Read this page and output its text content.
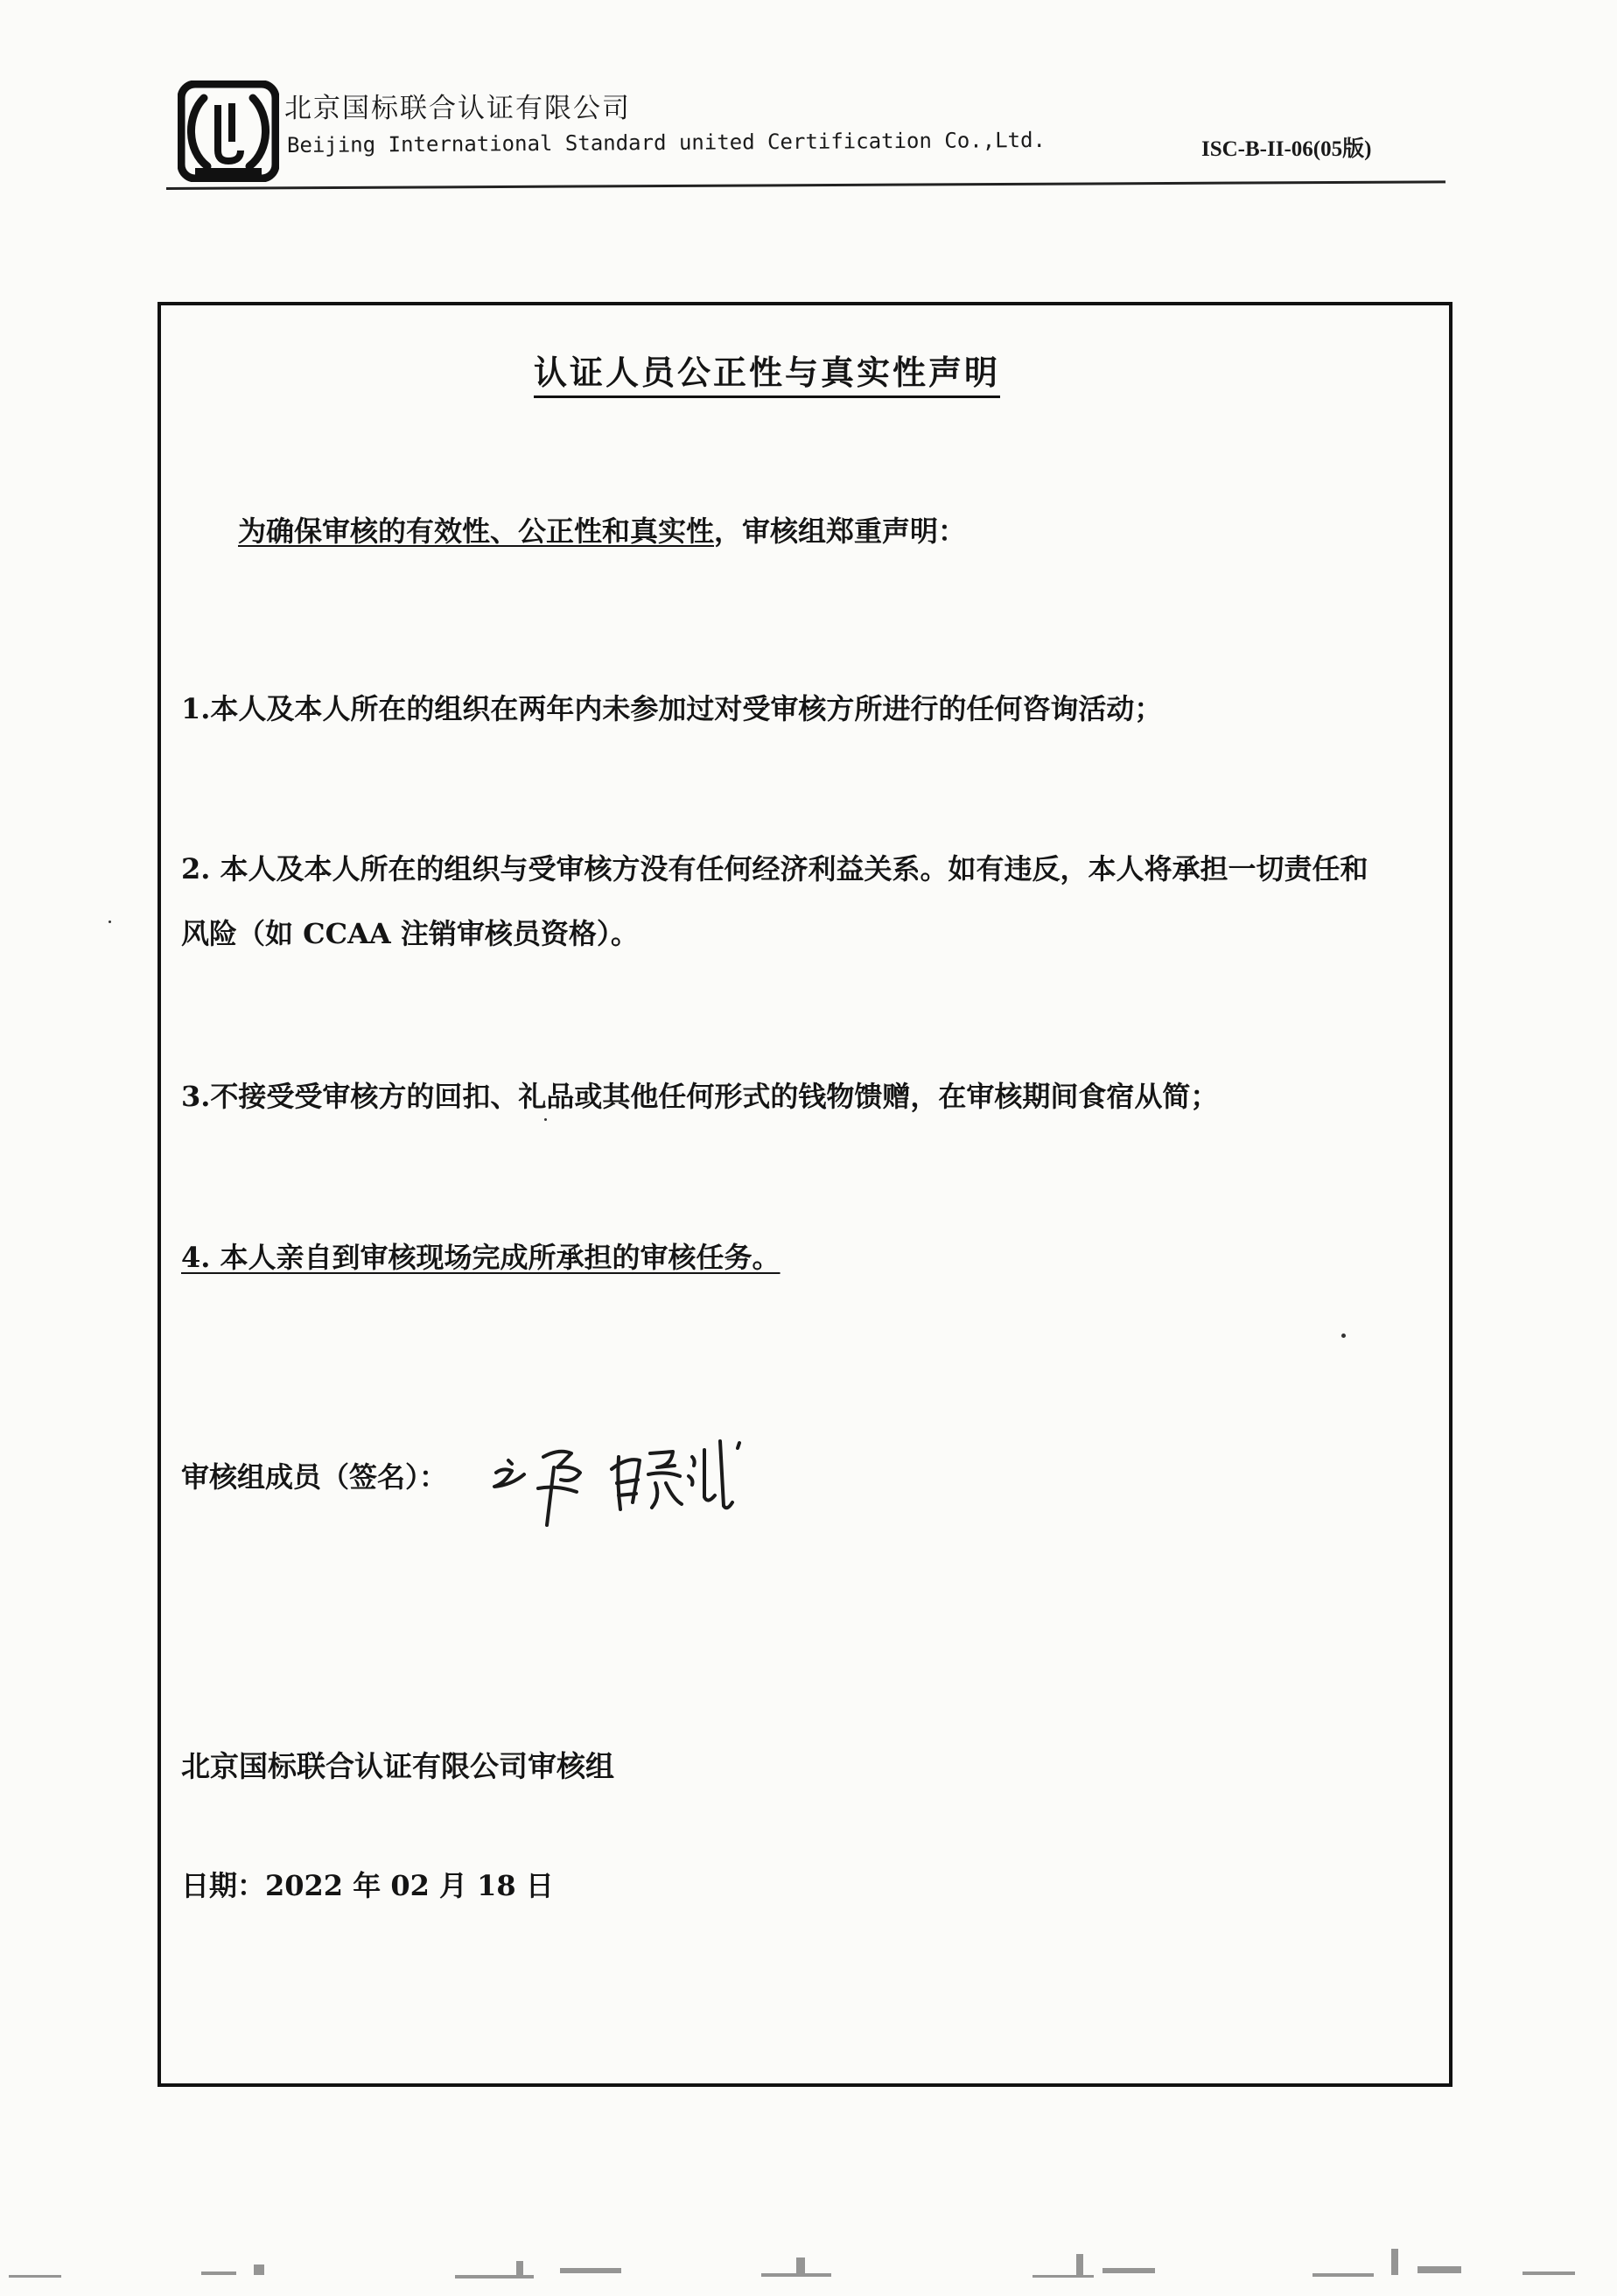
北京国标联合认证有限公司
Beijing International Standard united Certification Co.,Ltd.	ISC-B-II-06(05版)
认证人员公正性与真实性声明
为确保审核的有效性、公正性和真实性，审核组郑重声明：
1.本人及本人所在的组织在两年内未参加过对受审核方所进行的任何咨询活动；
2. 本人及本人所在的组织与受审核方没有任何经济利益关系。如有违反，本人将承担一切责任和
风险（如 CCAA 注销审核员资格）。
3.不接受受审核方的回扣、礼品或其他任何形式的钱物馈赠，在审核期间食宿从简；
4. 本人亲自到审核现场完成所承担的审核任务。
审核组成员（签名）：
北京国标联合认证有限公司审核组
日期：2022 年 02 月 18 日
